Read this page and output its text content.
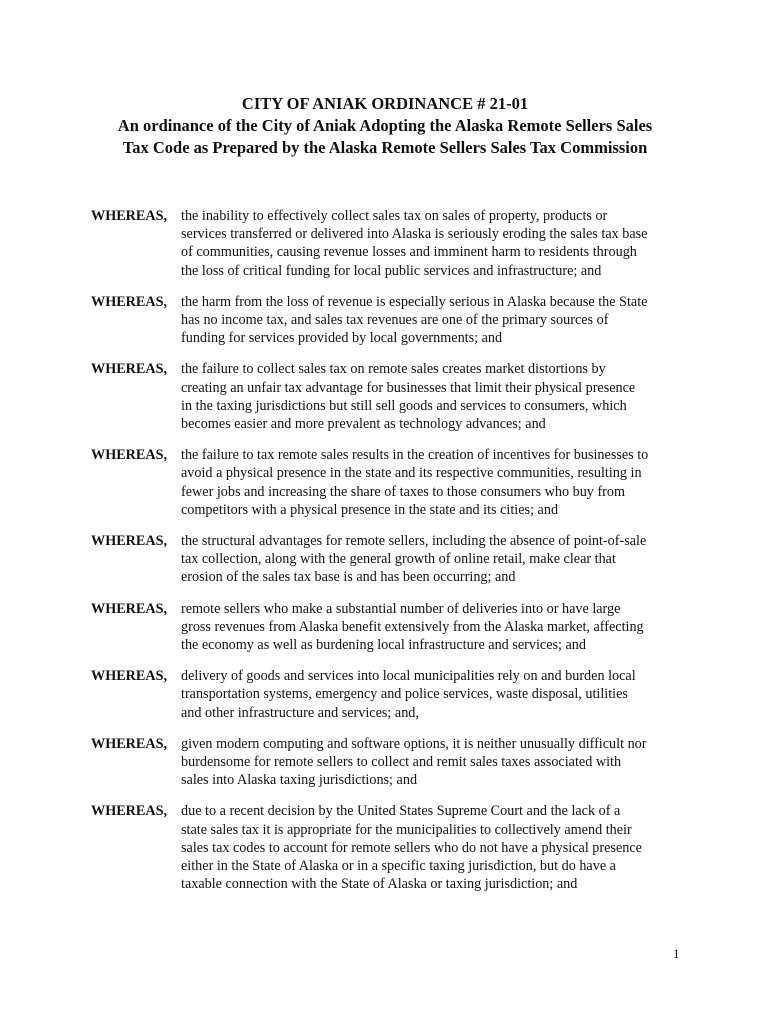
CITY OF ANIAK ORDINANCE # 21-01
An ordinance of the City of Aniak Adopting the Alaska Remote Sellers Sales
Tax Code as Prepared by the Alaska Remote Sellers Sales Tax Commission
WHEREAS, the inability to effectively collect sales tax on sales of property, products or
services transferred or delivered into Alaska is seriously eroding the sales tax base
of communities, causing revenue losses and imminent harm to residents through
the loss of critical funding for local public services and infrastructure; and
WHEREAS, the harm from the loss of revenue is especially serious in Alaska because the State
has no income tax, and sales tax revenues are one of the primary sources of
funding for services provided by local governments; and
WHEREAS, the failure to collect sales tax on remote sales creates market distortions by
creating an unfair tax advantage for businesses that limit their physical presence
in the taxing jurisdictions but still sell goods and services to consumers, which
becomes easier and more prevalent as technology advances; and
WHEREAS, the failure to tax remote sales results in the creation of incentives for businesses to
avoid a physical presence in the state and its respective communities, resulting in
fewer jobs and increasing the share of taxes to those consumers who buy from
competitors with a physical presence in the state and its cities; and
WHEREAS, the structural advantages for remote sellers, including the absence of point-of-sale
tax collection, along with the general growth of online retail, make clear that
erosion of the sales tax base is and has been occurring; and
WHEREAS, remote sellers who make a substantial number of deliveries into or have large
gross revenues from Alaska benefit extensively from the Alaska market, affecting
the economy as well as burdening local infrastructure and services; and
WHEREAS, delivery of goods and services into local municipalities rely on and burden local
transportation systems, emergency and police services, waste disposal, utilities
and other infrastructure and services; and,
WHEREAS, given modern computing and software options, it is neither unusually difficult nor
burdensome for remote sellers to collect and remit sales taxes associated with
sales into Alaska taxing jurisdictions; and
WHEREAS, due to a recent decision by the United States Supreme Court and the lack of a
state sales tax it is appropriate for the municipalities to collectively amend their
sales tax codes to account for remote sellers who do not have a physical presence
either in the State of Alaska or in a specific taxing jurisdiction, but do have a
taxable connection with the State of Alaska or taxing jurisdiction; and
1
